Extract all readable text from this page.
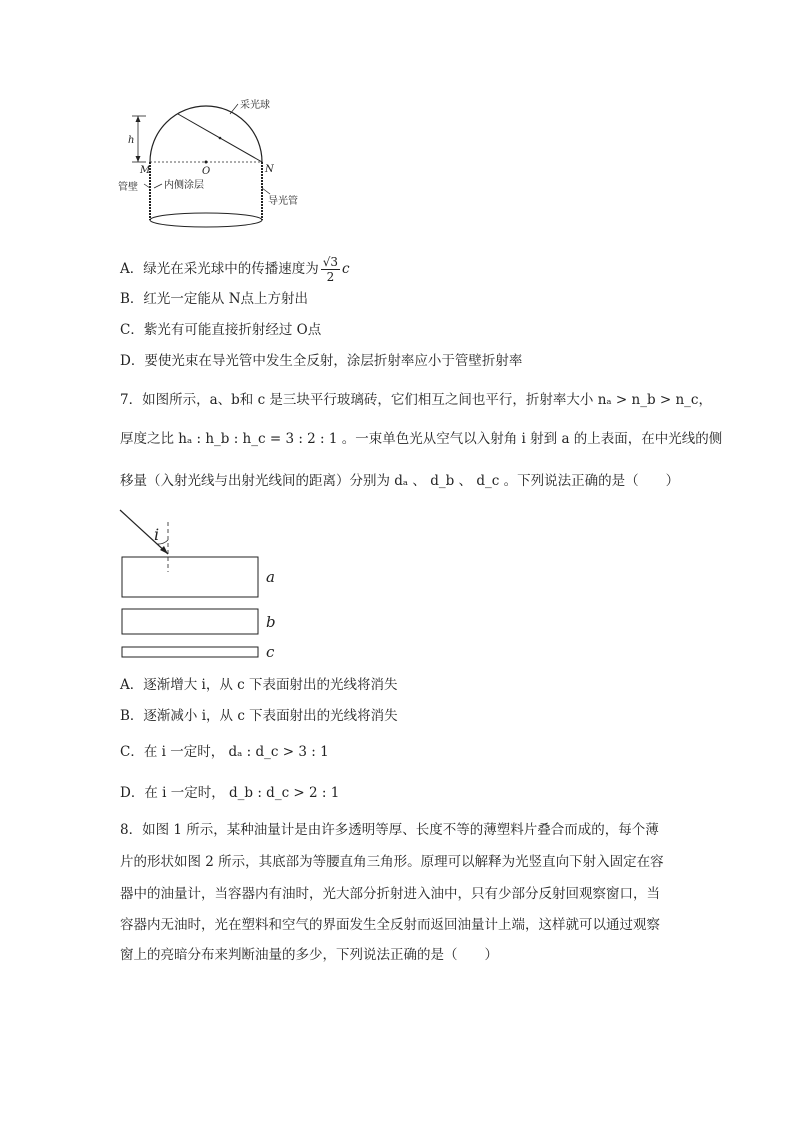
采光球
h
M	O	N
管壁	内侧涂层
导光管
A．绿光在采光球中的传播速度为 $\frac{√3}{2}$ c
B．红光一定能从 N点上方射出
C．紫光有可能直接折射经过 O点
D．要使光束在导光管中发生全反射，涂层折射率应小于管壁折射率
7．如图所示，a、b和 c 是三块平行玻璃砖，它们相互之间也平行，折射率大小 nₐ > n_b > n_c，
厚度之比 hₐ : h_b : h_c = 3 : 2 : 1 。一束单色光从空气以入射角 i 射到 a 的上表面，在中光线的侧
移量（入射光线与出射光线间的距离）分别为 dₐ 、 d_b 、 d_c 。下列说法正确的是（　　）
i
a
b
c
A．逐渐增大 i，从 c 下表面射出的光线将消失
B．逐渐减小 i，从 c 下表面射出的光线将消失
C．在 i 一定时， dₐ : d_c > 3 : 1
D．在 i 一定时， d_b : d_c > 2 : 1
8．如图 1 所示，某种油量计是由许多透明等厚、长度不等的薄塑料片叠合而成的，每个薄
片的形状如图 2 所示，其底部为等腰直角三角形。原理可以解释为光竖直向下射入固定在容
器中的油量计，当容器内有油时，光大部分折射进入油中，只有少部分反射回观察窗口，当
容器内无油时，光在塑料和空气的界面发生全反射而返回油量计上端，这样就可以通过观察
窗上的亮暗分布来判断油量的多少，下列说法正确的是（　　）
